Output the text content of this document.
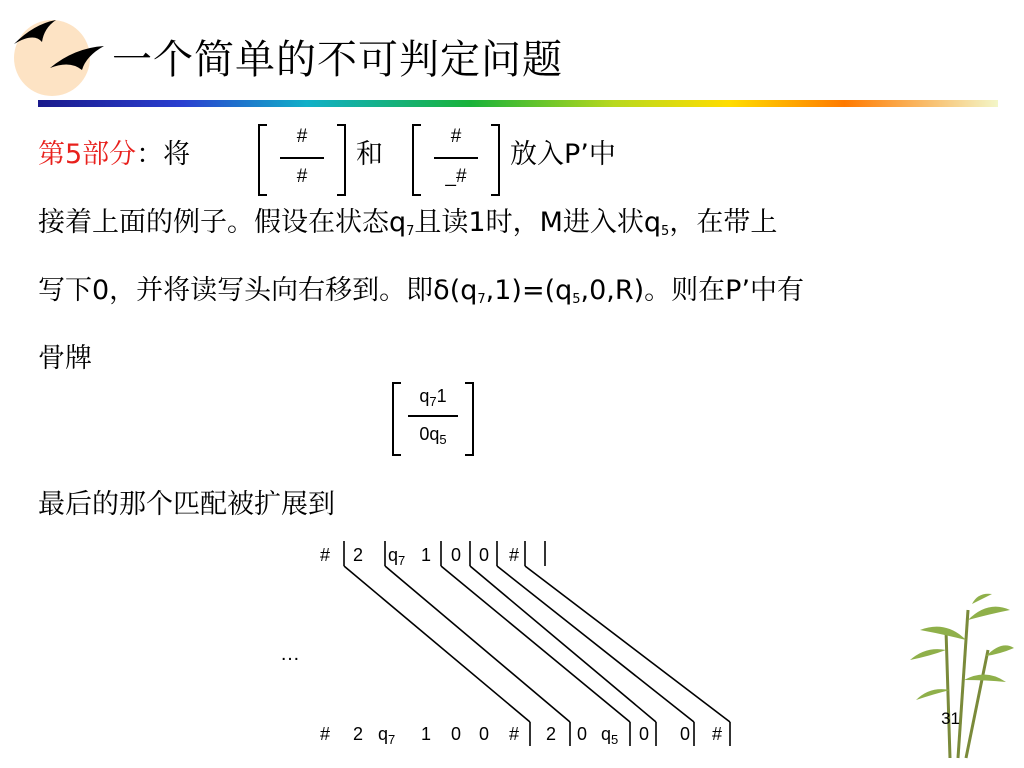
一个简单的不可判定问题
第5部分：将
#
#
和
#
_#
放入P’中
接着上面的例子。假设在状态$q_7$且读1时，M进入状$q_5$，在带上
写下0，并将读写头向右移到。即$\delta(q_7,1)=(q_5,0,R)$。则在P’中有
骨牌
$q_71$
$0q_5$
最后的那个匹配被扩展到
# 2 $q_7$ 1 0 0 #
…
# 2 $q_7$ 1 0 0 # 2 0 $q_5$ 0 0 #
31
